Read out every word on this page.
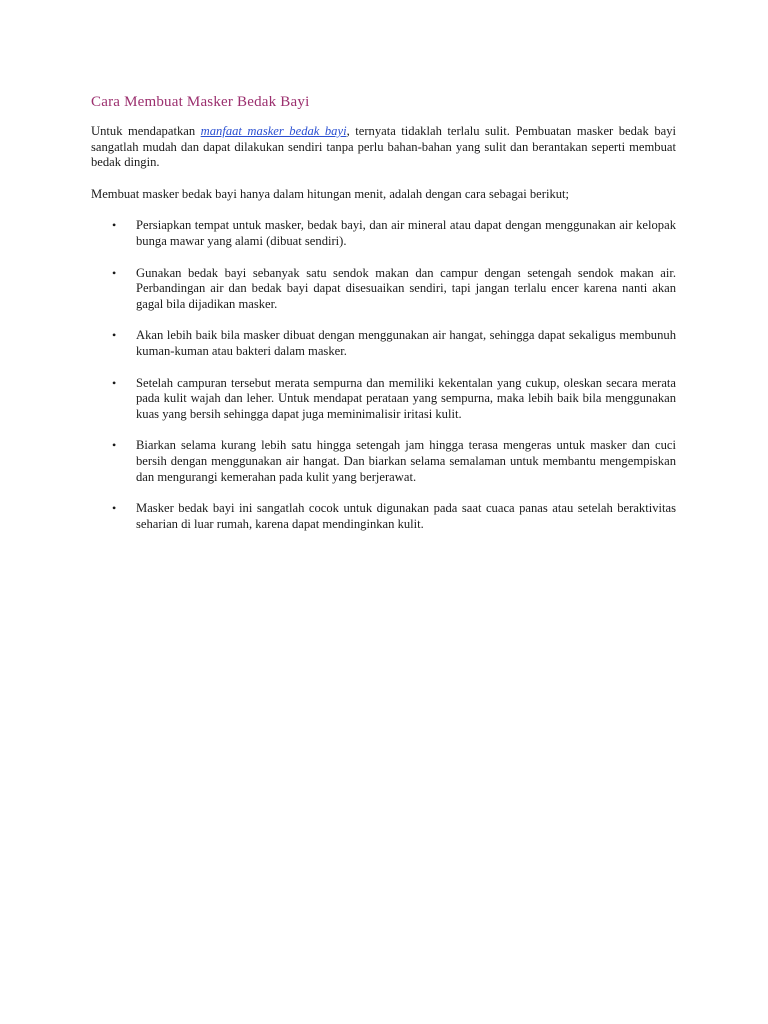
Cara Membuat Masker Bedak Bayi

Untuk mendapatkan manfaat masker bedak bayi, ternyata tidaklah terlalu sulit. Pembuatan masker bedak bayi sangatlah mudah dan dapat dilakukan sendiri tanpa perlu bahan-bahan yang sulit dan berantakan seperti membuat bedak dingin.

Membuat masker bedak bayi hanya dalam hitungan menit, adalah dengan cara sebagai berikut;

• Persiapkan tempat untuk masker, bedak bayi, dan air mineral atau dapat dengan menggunakan air kelopak bunga mawar yang alami (dibuat sendiri).
• Gunakan bedak bayi sebanyak satu sendok makan dan campur dengan setengah sendok makan air. Perbandingan air dan bedak bayi dapat disesuaikan sendiri, tapi jangan terlalu encer karena nanti akan gagal bila dijadikan masker.
• Akan lebih baik bila masker dibuat dengan menggunakan air hangat, sehingga dapat sekaligus membunuh kuman-kuman atau bakteri dalam masker.
• Setelah campuran tersebut merata sempurna dan memiliki kekentalan yang cukup, oleskan secara merata pada kulit wajah dan leher. Untuk mendapat perataan yang sempurna, maka lebih baik bila menggunakan kuas yang bersih sehingga dapat juga meminimalisir iritasi kulit.
• Biarkan selama kurang lebih satu hingga setengah jam hingga terasa mengeras untuk masker dan cuci bersih dengan menggunakan air hangat. Dan biarkan selama semalaman untuk membantu mengempiskan dan mengurangi kemerahan pada kulit yang berjerawat.
• Masker bedak bayi ini sangatlah cocok untuk digunakan pada saat cuaca panas atau setelah beraktivitas seharian di luar rumah, karena dapat mendinginkan kulit.
